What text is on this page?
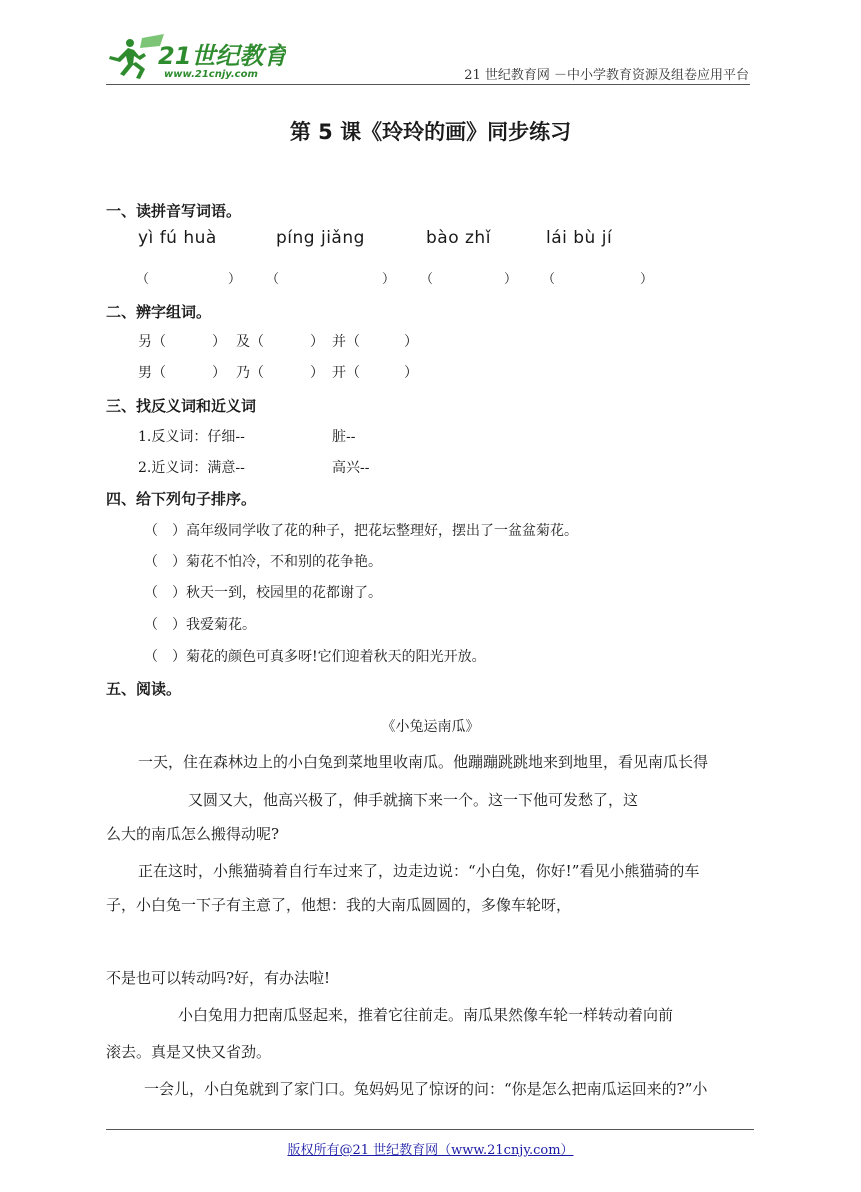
21世纪教育
www.21cnjy.com	21 世纪教育网 －中小学教育资源及组卷应用平台
第 5 课《玲玲的画》同步练习
一、读拼音写词语。
yì fú huà	píng jiǎng	bào zhǐ	lái bù jí
（	） （	） （	） （	）
二、辨字组词。
另（	） 及（	） 并（	）
男（	） 乃（	） 开（	）
三、找反义词和近义词
1.反义词：仔细--	脏--
2.近义词：满意--	高兴--
四、给下列句子排序。
（　）高年级同学收了花的种子，把花坛整理好，摆出了一盆盆菊花。
（　）菊花不怕冷，不和别的花争艳。
（　）秋天一到，校园里的花都谢了。
（　）我爱菊花。
（　）菊花的颜色可真多呀!它们迎着秋天的阳光开放。
五、阅读。
《小兔运南瓜》
一天，住在森林边上的小白兔到菜地里收南瓜。他蹦蹦跳跳地来到地里，看见南瓜长得
又圆又大，他高兴极了，伸手就摘下来一个。这一下他可发愁了，这
么大的南瓜怎么搬得动呢?
正在这时，小熊猫骑着自行车过来了，边走边说：“小白兔，你好!”看见小熊猫骑的车
子，小白兔一下子有主意了，他想：我的大南瓜圆圆的，多像车轮呀，
不是也可以转动吗?好，有办法啦!
小白兔用力把南瓜竖起来，推着它往前走。南瓜果然像车轮一样转动着向前
滚去。真是又快又省劲。
一会儿，小白兔就到了家门口。兔妈妈见了惊讶的问：“你是怎么把南瓜运回来的?”小
版权所有@21 世纪教育网（www.21cnjy.com）
